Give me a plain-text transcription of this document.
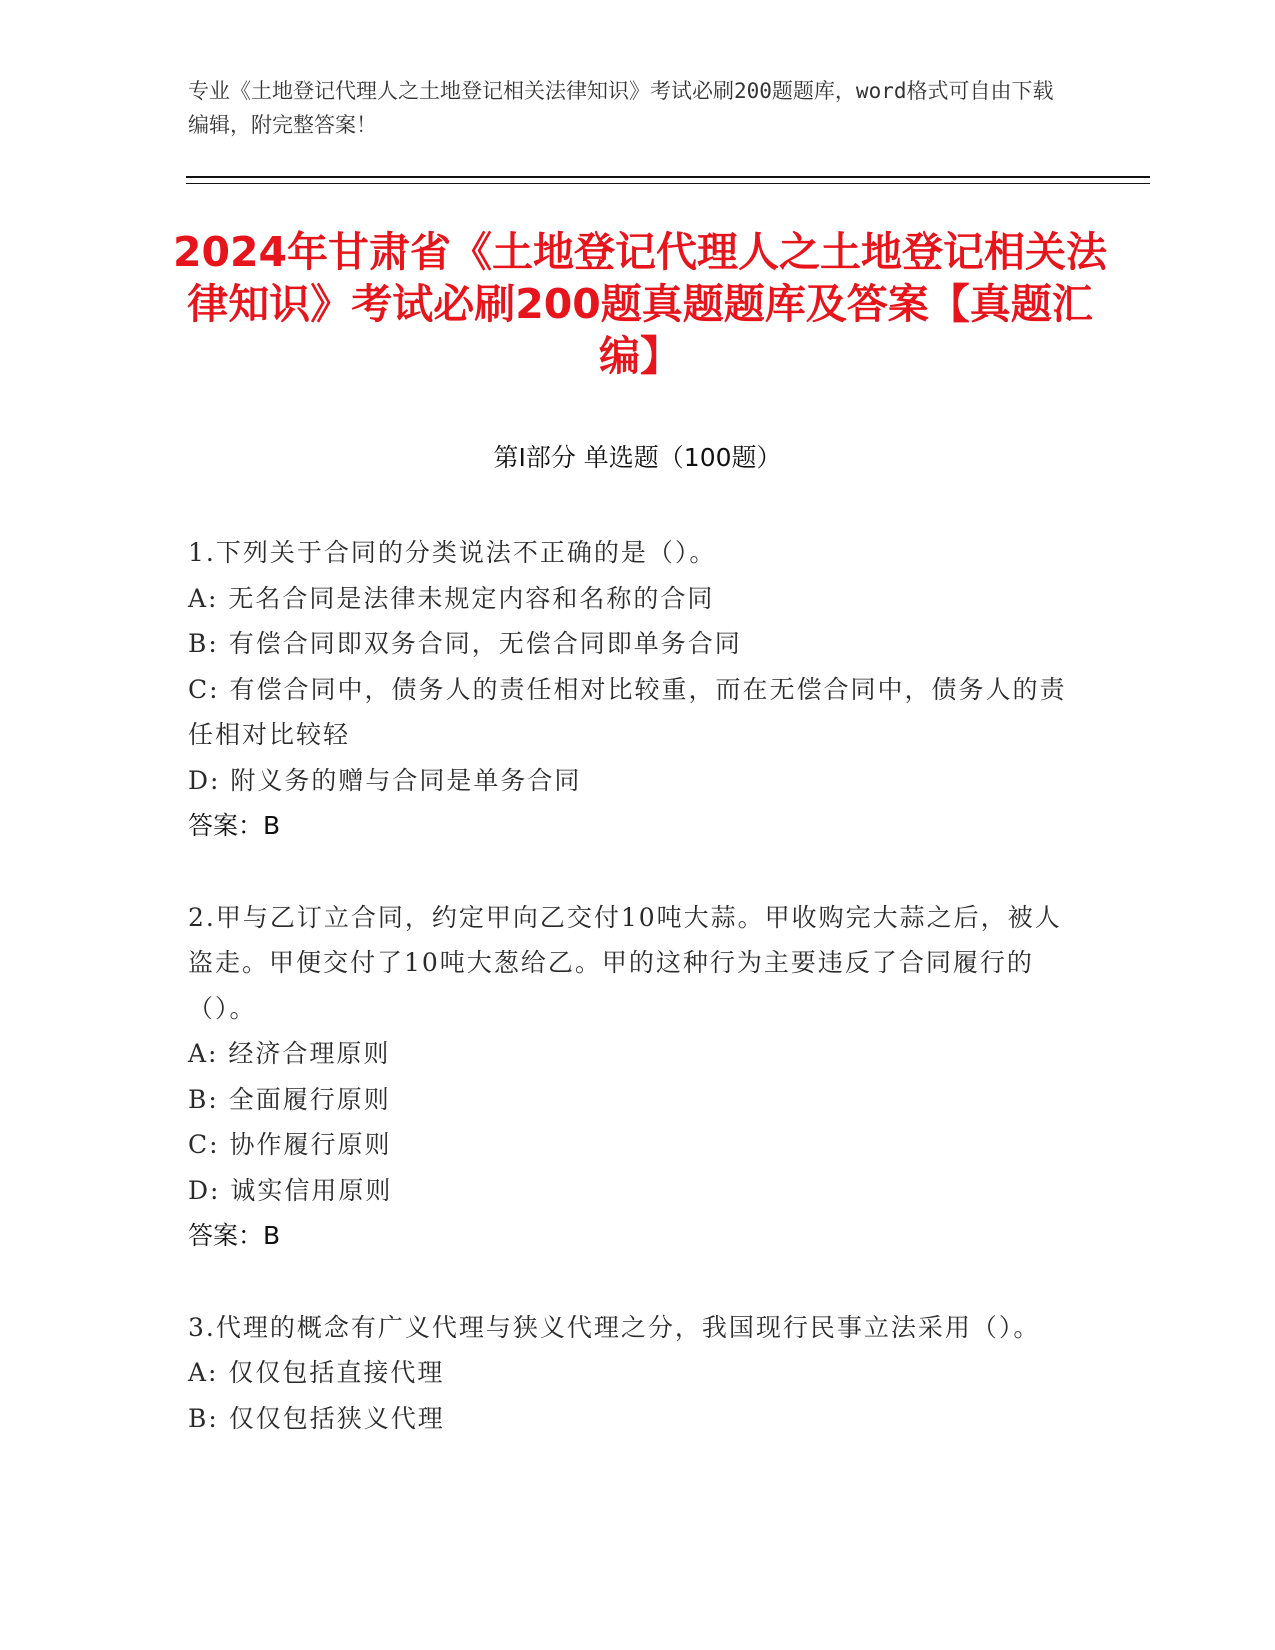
专业《土地登记代理人之土地登记相关法律知识》考试必刷200题题库，word格式可自由下载编辑，附完整答案！
2024年甘肃省《土地登记代理人之土地登记相关法律知识》考试必刷200题真题题库及答案【真题汇编】
第Ⅰ部分 单选题（100题）
1.下列关于合同的分类说法不正确的是（）。
A: 无名合同是法律未规定内容和名称的合同
B: 有偿合同即双务合同，无偿合同即单务合同
C: 有偿合同中，债务人的责任相对比较重，而在无偿合同中，债务人的责任相对比较轻
D: 附义务的赠与合同是单务合同
答案：B
2.甲与乙订立合同，约定甲向乙交付10吨大蒜。甲收购完大蒜之后，被人盗走。甲便交付了10吨大葱给乙。甲的这种行为主要违反了合同履行的（）。
A: 经济合理原则
B: 全面履行原则
C: 协作履行原则
D: 诚实信用原则
答案：B
3.代理的概念有广义代理与狭义代理之分，我国现行民事立法采用（）。
A: 仅仅包括直接代理
B: 仅仅包括狭义代理
